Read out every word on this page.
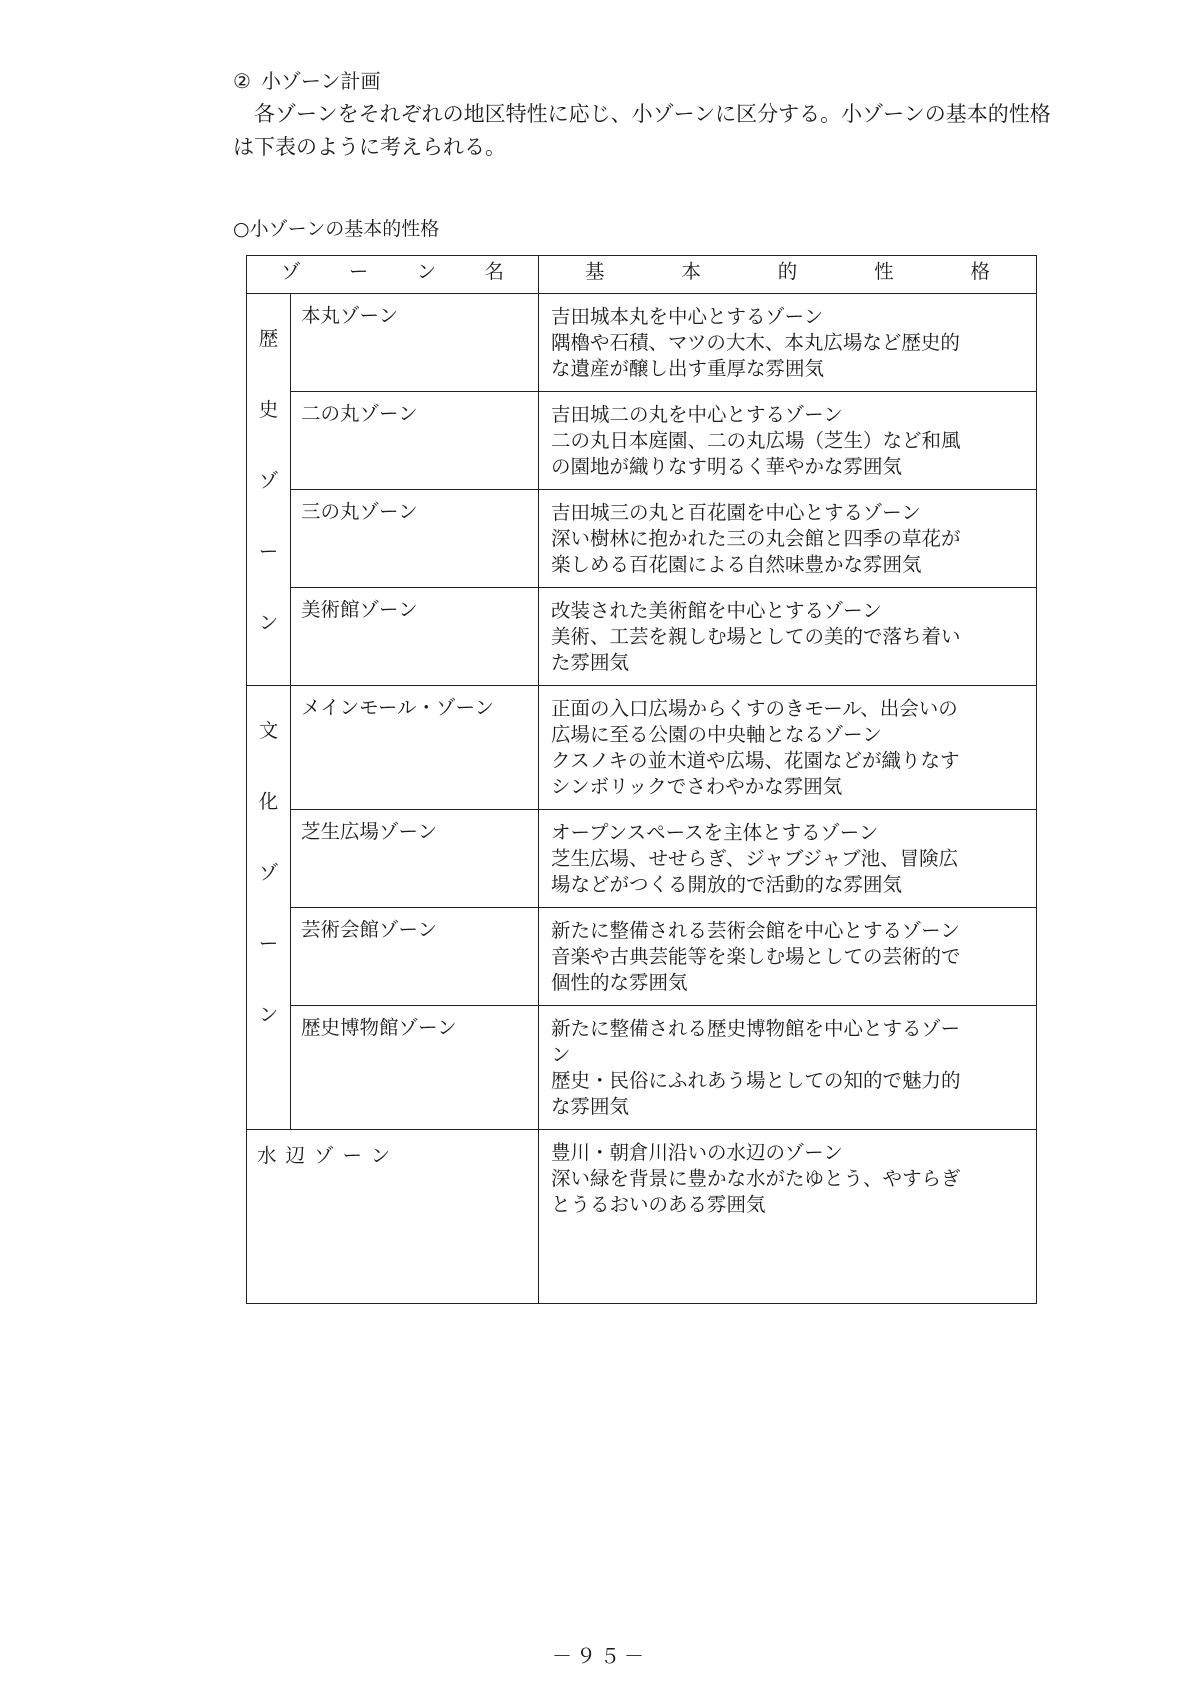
② 小ゾーン計画
各ゾーンをそれぞれの地区特性に応じ、小ゾーンに区分する。小ゾーンの基本的性格は下表のように考えられる。
○小ゾーンの基本的性格
ゾ ー ン 名		基 本 的 性 格

歴
史
ゾ
ー
ン	本丸ゾーン	吉田城本丸を中心とするゾーン
隅櫓や石積、マツの大木、本丸広場など歴史的
な遺産が醸し出す重厚な雰囲気

	二の丸ゾーン	吉田城二の丸を中心とするゾーン
二の丸日本庭園、二の丸広場（芝生）など和風
の園地が織りなす明るく華やかな雰囲気

	三の丸ゾーン	吉田城三の丸と百花園を中心とするゾーン
深い樹林に抱かれた三の丸会館と四季の草花が
楽しめる百花園による自然味豊かな雰囲気

	美術館ゾーン	改装された美術館を中心とするゾーン
美術、工芸を親しむ場としての美的で落ち着い
た雰囲気

文
化
ゾ
ー
ン	メインモール・ゾーン	正面の入口広場からくすのきモール、出会いの
広場に至る公園の中央軸となるゾーン
クスノキの並木道や広場、花園などが織りなす
シンボリックでさわやかな雰囲気

	芝生広場ゾーン	オープンスペースを主体とするゾーン
芝生広場、せせらぎ、ジャブジャブ池、冒険広
場などがつくる開放的で活動的な雰囲気

	芸術会館ゾーン	新たに整備される芸術会館を中心とするゾーン
音楽や古典芸能等を楽しむ場としての芸術的で
個性的な雰囲気

	歴史博物館ゾーン	新たに整備される歴史博物館を中心とするゾー
ン
歴史・民俗にふれあう場としての知的で魅力的
な雰囲気

水辺ゾーン		豊川・朝倉川沿いの水辺のゾーン
深い緑を背景に豊かな水がたゆとう、やすらぎ
とうるおいのある雰囲気
－９５－
